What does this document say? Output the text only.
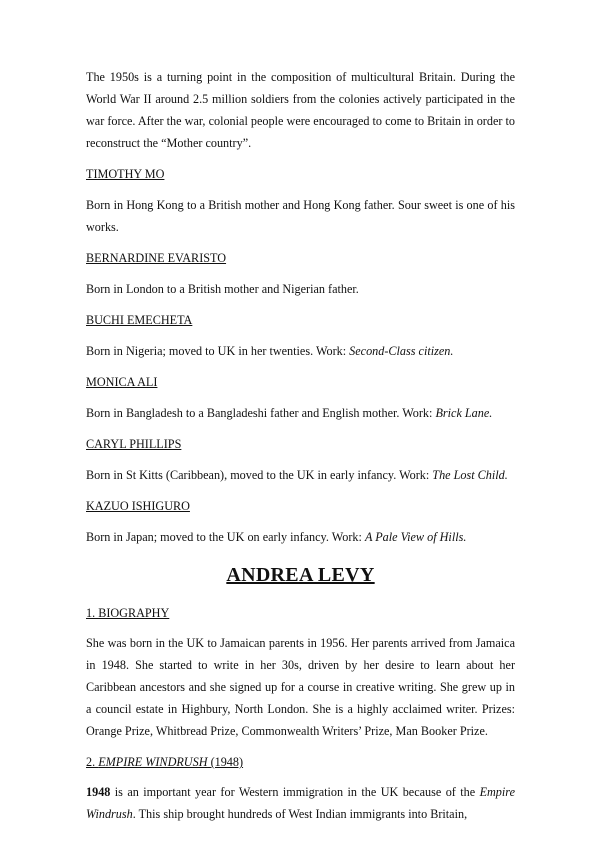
The 1950s is a turning point in the composition of multicultural Britain. During the World War II around 2.5 million soldiers from the colonies actively participated in the war force. After the war, colonial people were encouraged to come to Britain in order to reconstruct the “Mother country”.

TIMOTHY MO

Born in Hong Kong to a British mother and Hong Kong father. Sour sweet is one of his works.

BERNARDINE EVARISTO

Born in London to a British mother and Nigerian father.

BUCHI EMECHETA

Born in Nigeria; moved to UK in her twenties. Work: Second-Class citizen.

MONICA ALI

Born in Bangladesh to a Bangladeshi father and English mother. Work: Brick Lane.

CARYL PHILLIPS

Born in St Kitts (Caribbean), moved to the UK in early infancy. Work: The Lost Child.

KAZUO ISHIGURO

Born in Japan; moved to the UK on early infancy. Work: A Pale View of Hills.

ANDREA LEVY

1. BIOGRAPHY

She was born in the UK to Jamaican parents in 1956. Her parents arrived from Jamaica in 1948. She started to write in her 30s, driven by her desire to learn about her Caribbean ancestors and she signed up for a course in creative writing. She grew up in a council estate in Highbury, North London. She is a highly acclaimed writer. Prizes: Orange Prize, Whitbread Prize, Commonwealth Writers’ Prize, Man Booker Prize.

2. EMPIRE WINDRUSH (1948)

1948 is an important year for Western immigration in the UK because of the Empire Windrush. This ship brought hundreds of West Indian immigrants into Britain,
